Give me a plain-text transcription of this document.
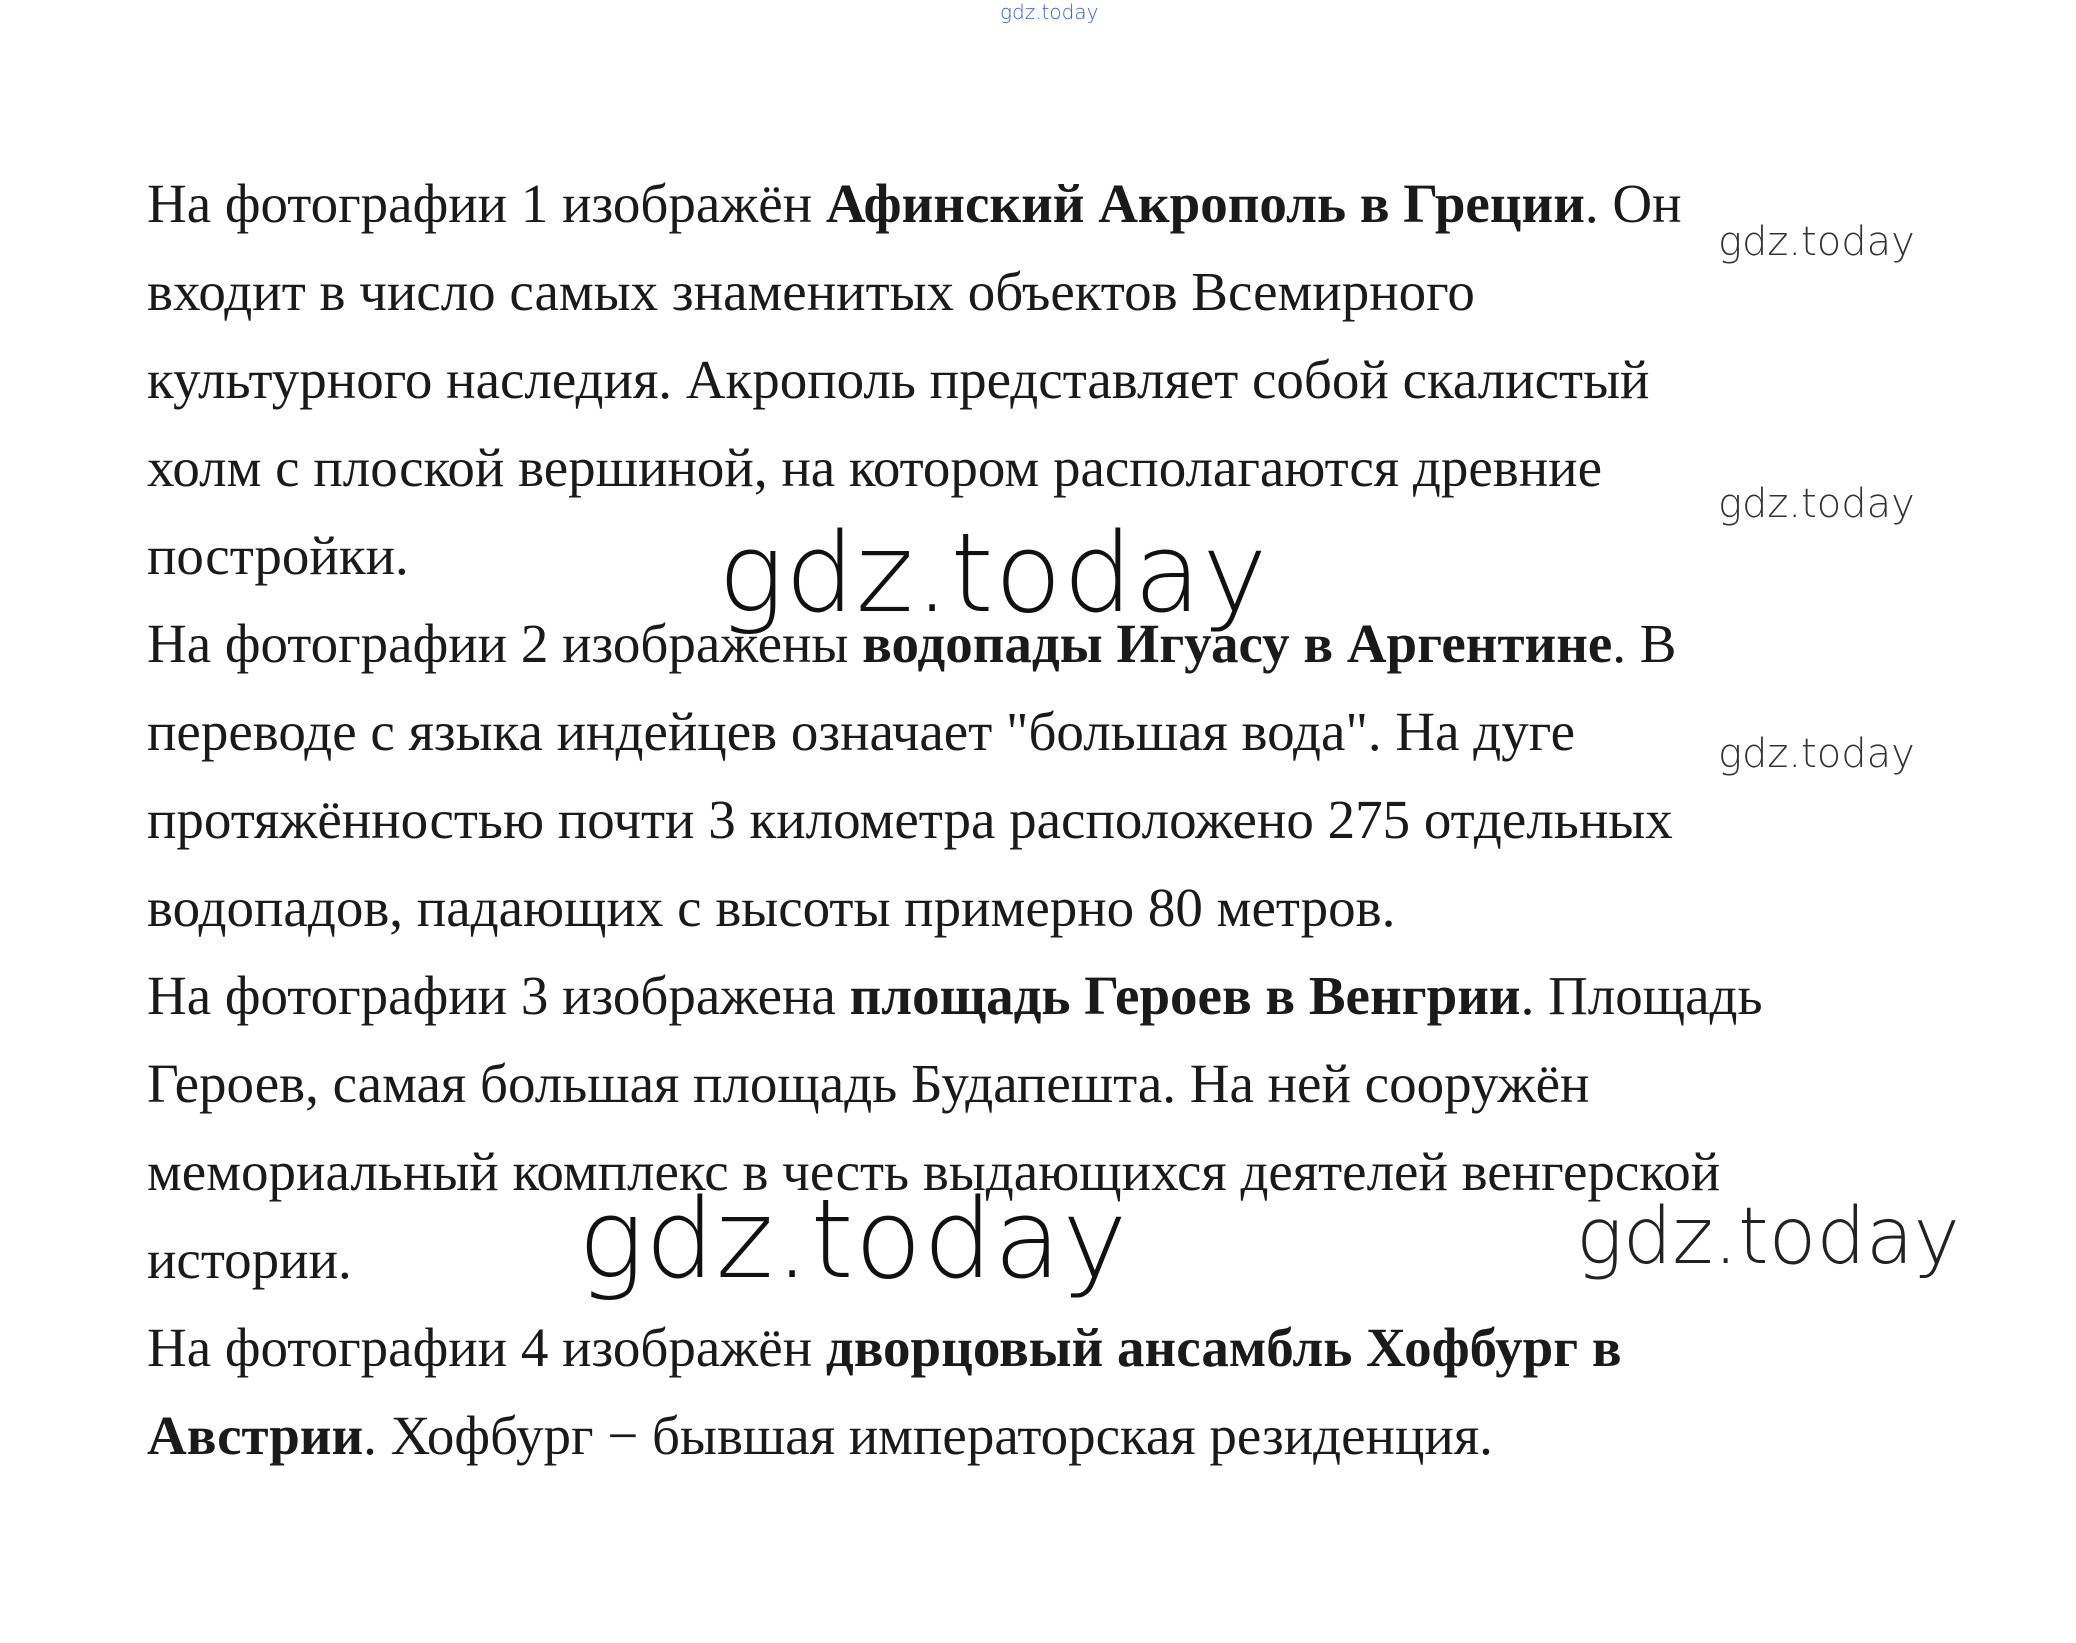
gdz.today
gdz.today
gdz.today
gdz.today
gdz.today
gdz.today	gdz.today
На фотографии 1 изображён Афинский Акрополь в Греции. Он
входит в число самых знаменитых объектов Всемирного
культурного наследия. Акрополь представляет собой скалистый
холм с плоской вершиной, на котором располагаются древние
постройки.
На фотографии 2 изображены водопады Игуасу в Аргентине. В
переводе с языка индейцев означает "большая вода". На дуге
протяжённостью почти 3 километра расположено 275 отдельных
водопадов, падающих с высоты примерно 80 метров.
На фотографии 3 изображена площадь Героев в Венгрии. Площадь
Героев, самая большая площадь Будапешта. На ней сооружён
мемориальный комплекс в честь выдающихся деятелей венгерской
истории.
На фотографии 4 изображён дворцовый ансамбль Хофбург в
Австрии. Хофбург − бывшая императорская резиденция.
